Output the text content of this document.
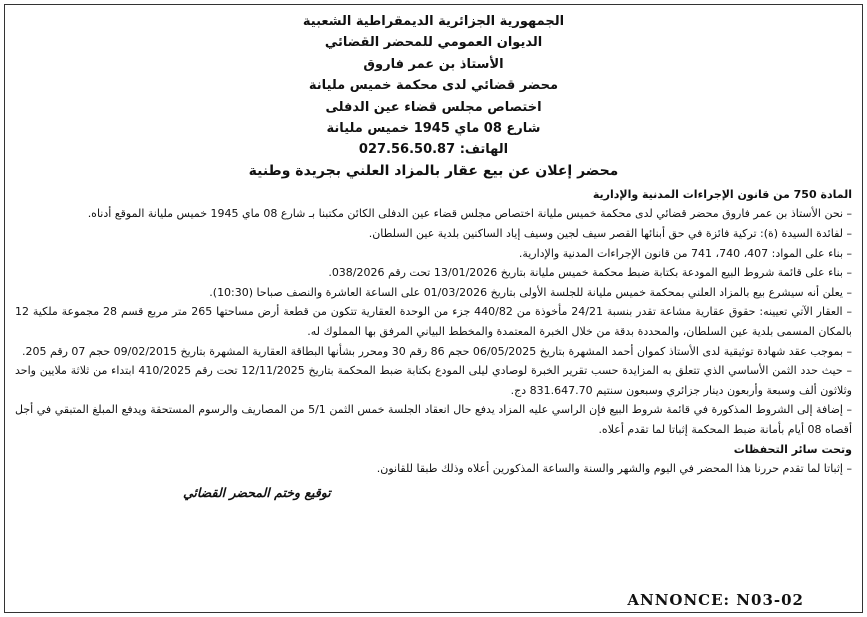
الجمهورية الجزائرية الديمقراطية الشعبية
الديوان العمومي للمحضر القضائي
الأستاذ بن عمر فاروق
محضر قضائي لدى محكمة خميس مليانة
اختصاص مجلس قضاء عين الدفلى
شارع 08 ماي 1945 خميس مليانة
الهاتف: 027.56.50.87
محضر إعلان عن بيع عقار بالمزاد العلني بجريدة وطنية

المادة 750 من قانون الإجراءات المدنية والإدارية

– نحن الأستاذ بن عمر فاروق محضر قضائي لدى محكمة خميس مليانة اختصاص مجلس قضاء عين الدفلى الكائن مكتبنا بـ شارع 08 ماي 1945 خميس مليانة الموقع أدناه.

– لفائدة السيدة (ة): تركية فائزة في حق أبنائها القصر سيف لجين وسيف إياد الساكنين بلدية عين السلطان.

– بناء على المواد: 407، 740، 741 من قانون الإجراءات المدنية والإدارية.

– بناء على قائمة شروط البيع المودعة بكتابة ضبط محكمة خميس مليانة بتاريخ 13/01/2026 تحت رقم 038/2026.

– يعلن أنه سيشرع بيع بالمزاد العلني بمحكمة خميس مليانة للجلسة الأولى بتاريخ 01/03/2026 على الساعة العاشرة والنصف صباحا (10:30).

– العقار الآتي تعيينه: حقوق عقارية مشاعة تقدر بنسبة 24/21 مأخوذة من 440/82 جزء من الوحدة العقارية تتكون من قطعة أرض مساحتها 265 متر مربع قسم 28 مجموعة ملكية 12 بالمكان المسمى بلدية عين السلطان، والمحددة بدقة من خلال الخبرة المعتمدة والمخطط البياني المرفق بها المملوك له.

– بموجب عقد شهادة توثيقية لدى الأستاذ كموان أحمد المشهرة بتاريخ 06/05/2025 حجم 86 رقم 30 ومحرر بشأنها البطاقة العقارية المشهرة بتاريخ 09/02/2015 حجم 07 رقم 205.

– حيث حدد الثمن الأساسي الذي تتعلق به المزايدة حسب تقرير الخبرة لوصادي ليلى المودع بكتابة ضبط المحكمة بتاريخ 12/11/2025 تحت رقم 410/2025 ابتداء من ثلاثة ملايين واحد وثلاثون ألف وسبعة وأربعون دينار جزائري وسبعون سنتيم 831.647.70 دج.

– إضافة إلى الشروط المذكورة في قائمة شروط البيع فإن الراسي عليه المزاد يدفع حال انعقاد الجلسة خمس الثمن 5/1 من المصاريف والرسوم المستحقة ويدفع المبلغ المتبقي في أجل أقصاه 08 أيام بأمانة ضبط المحكمة إثباتا لما تقدم أعلاه.

وتحت سائر التحفظات

– إثباتا لما تقدم حررنا هذا المحضر في اليوم والشهر والسنة والساعة المذكورين أعلاه وذلك طبقا للقانون.

توقيع وختم المحضر القضائي
ANNONCE: N03-02
